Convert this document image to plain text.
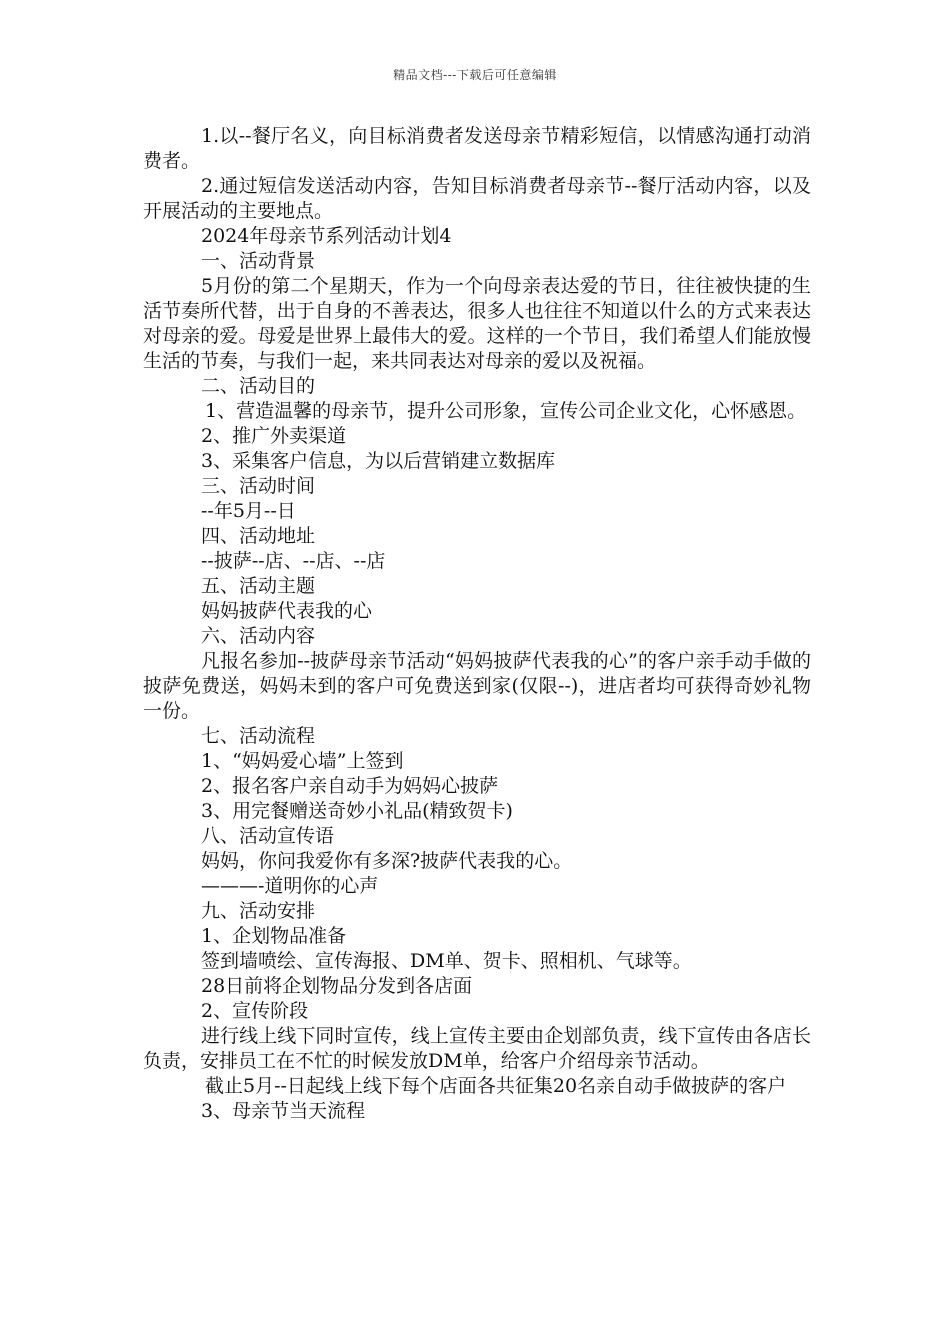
精品文档---下载后可任意编辑

1.以--餐厅名义，向目标消费者发送母亲节精彩短信，以情感沟通打动消费者。

2.通过短信发送活动内容，告知目标消费者母亲节--餐厅活动内容，以及开展活动的主要地点。

2024年母亲节系列活动计划4

一、活动背景

5月份的第二个星期天，作为一个向母亲表达爱的节日，往往被快捷的生活节奏所代替，出于自身的不善表达，很多人也往往不知道以什么的方式来表达对母亲的爱。母爱是世界上最伟大的爱。这样的一个节日，我们希望人们能放慢生活的节奏，与我们一起，来共同表达对母亲的爱以及祝福。

二、活动目的

1、营造温馨的母亲节，提升公司形象，宣传公司企业文化，心怀感恩。

2、推广外卖渠道

3、采集客户信息，为以后营销建立数据库

三、活动时间

--年5月--日

四、活动地址

--披萨--店、--店、--店

五、活动主题

妈妈披萨代表我的心

六、活动内容

凡报名参加--披萨母亲节活动“妈妈披萨代表我的心”的客户亲手动手做的披萨免费送，妈妈未到的客户可免费送到家(仅限--)，进店者均可获得奇妙礼物一份。

七、活动流程

1、“妈妈爱心墙”上签到

2、报名客户亲自动手为妈妈心披萨

3、用完餐赠送奇妙小礼品(精致贺卡)

八、活动宣传语

妈妈，你问我爱你有多深?披萨代表我的心。

———-道明你的心声

九、活动安排

1、企划物品准备

签到墙喷绘、宣传海报、DM单、贺卡、照相机、气球等。

28日前将企划物品分发到各店面

2、宣传阶段

进行线上线下同时宣传，线上宣传主要由企划部负责，线下宣传由各店长负责，安排员工在不忙的时候发放DM单，给客户介绍母亲节活动。

截止5月--日起线上线下每个店面各共征集20名亲自动手做披萨的客户

3、母亲节当天流程
